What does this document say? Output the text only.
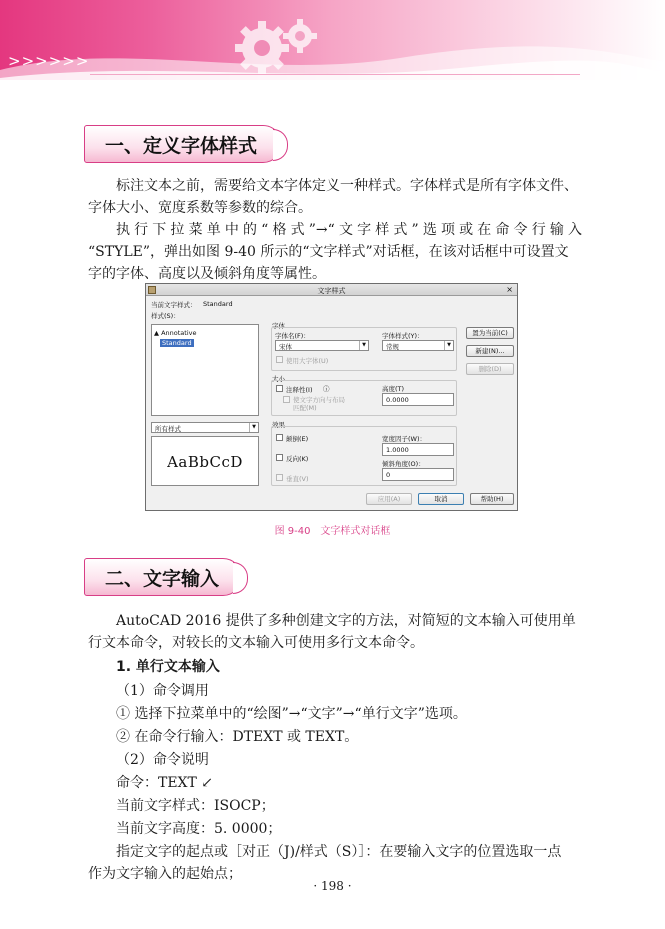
>>>>>>
一、定义字体样式
标注文本之前，需要给文本字体定义一种样式。字体样式是所有字体文件、字体大小、宽度系数等参数的综合。
执行下拉菜单中的“格式”→“文字样式”选项或在命令行输入
“STYLE”，弹出如图 9-40 所示的“文字样式”对话框，在该对话框中可设置文字的字体、高度以及倾斜角度等属性。
文字样式	×
当前文字样式： Standard
样式(S)：
▲ Annotative
Standard
所有样式	▼
AaBbCcD
字体
字体名(F)：
宋体	▼
字体样式(Y)：
常规	▼
使用大字体(U)
大小
注释性(I) ⓘ
使文字方向与布局
匹配(M)
高度(T)
0.0000
效果
颠倒(E)
反向(K)
垂直(V)
宽度因子(W)：
1.0000
倾斜角度(O)：
0
置为当前(C)
新建(N)...
删除(D)
应用(A)	取消	帮助(H)
图 9-40　文字样式对话框
二、文字输入
AutoCAD 2016 提供了多种创建文字的方法，对简短的文本输入可使用单行文本命令，对较长的文本输入可使用多行文本命令。
1. 单行文本输入
（1）命令调用
① 选择下拉菜单中的“绘图”→“文字”→“单行文字”选项。
② 在命令行输入：DTEXT 或 TEXT。
（2）命令说明
命令：TEXT ↙
当前文字样式：ISOCP；
当前文字高度：5. 0000；
指定文字的起点或［对正（J)/样式（S）］：在要输入文字的位置选取一点
作为文字输入的起始点；
· 198 ·
